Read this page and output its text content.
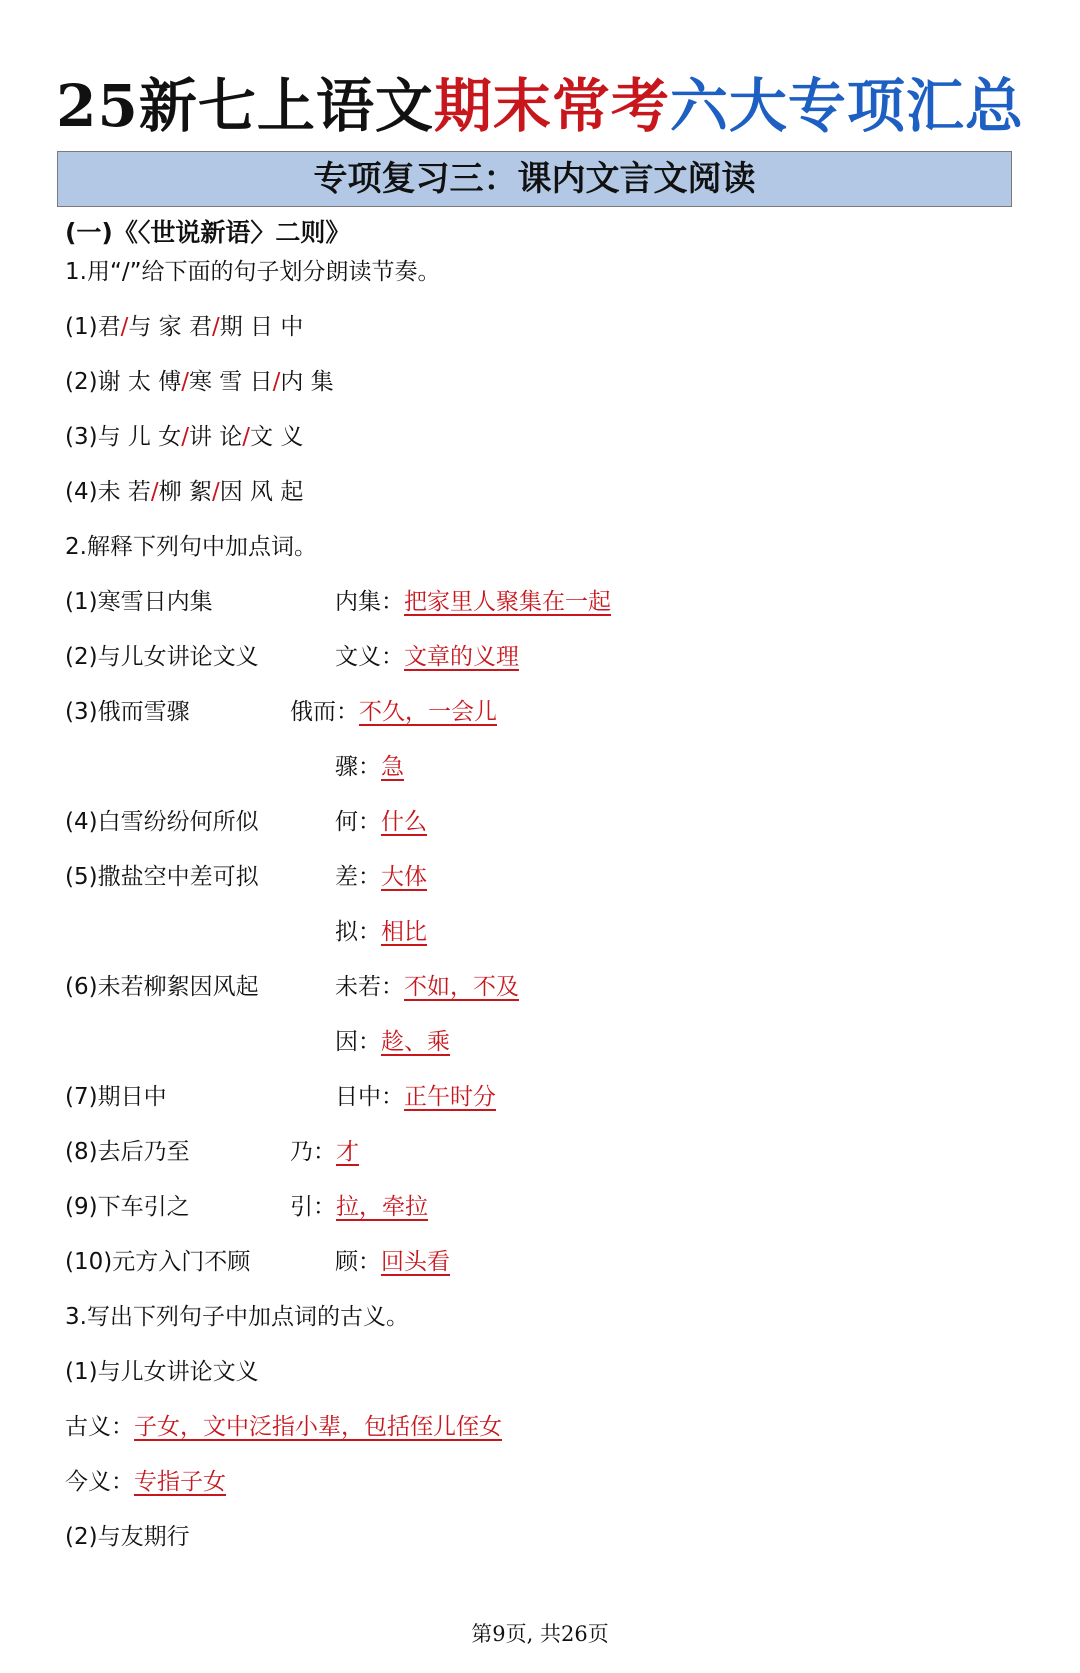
25新七上语文期末常考六大专项汇总
专项复习三：课内文言文阅读
(一)《〈世说新语〉二则》
1.用“/”给下面的句子划分朗读节奏。
(1)君/与 家 君/期 日 中
(2)谢 太 傅/寒 雪 日/内 集
(3)与 儿 女/讲 论/文 义
(4)未 若/柳 絮/因 风 起
2.解释下列句中加点词。
(1)寒雪日内集	内集：把家里人聚集在一起
(2)与儿女讲论文义	文义：文章的义理
(3)俄而雪骤	俄而：不久，一会儿
骤：急
(4)白雪纷纷何所似	何：什么
(5)撒盐空中差可拟	差：大体
拟：相比
(6)未若柳絮因风起	未若：不如，不及
因：趁、乘
(7)期日中	日中：正午时分
(8)去后乃至	乃：才
(9)下车引之	引：拉，牵拉
(10)元方入门不顾	顾：回头看
3.写出下列句子中加点词的古义。
(1)与儿女讲论文义
古义：子女，文中泛指小辈，包括侄儿侄女
今义：专指子女
(2)与友期行
第9页, 共26页
